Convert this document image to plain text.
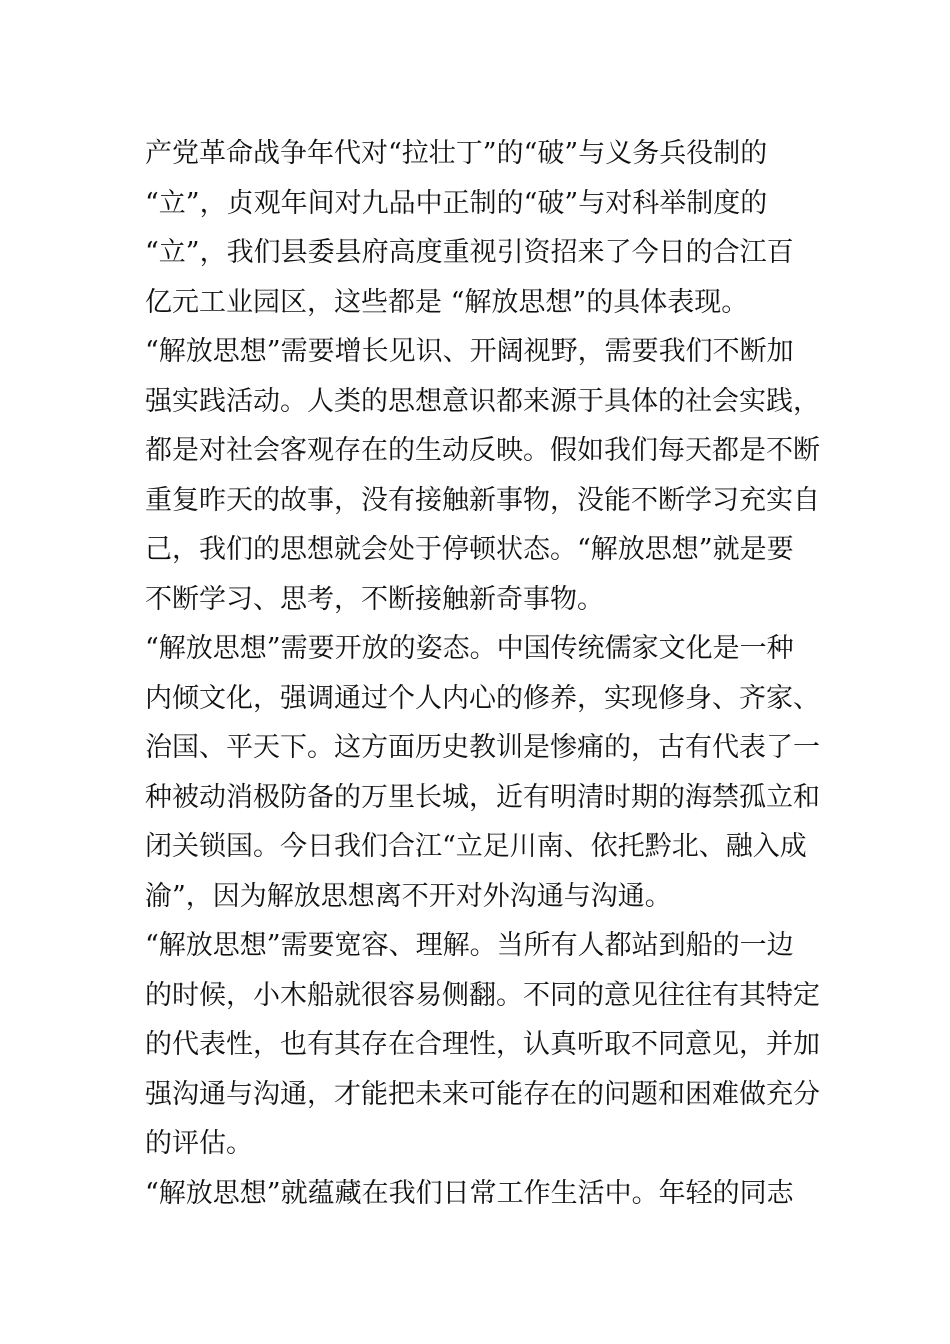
产党革命战争年代对“拉壮丁”的“破”与义务兵役制的
“立”，贞观年间对九品中正制的“破”与对科举制度的
“立”，我们县委县府高度重视引资招来了今日的合江百
亿元工业园区，这些都是 “解放思想”的具体表现。
“解放思想”需要增长见识、开阔视野，需要我们不断加
强实践活动。人类的思想意识都来源于具体的社会实践，
都是对社会客观存在的生动反映。假如我们每天都是不断
重复昨天的故事，没有接触新事物，没能不断学习充实自
己，我们的思想就会处于停顿状态。“解放思想”就是要
不断学习、思考，不断接触新奇事物。
“解放思想”需要开放的姿态。中国传统儒家文化是一种
内倾文化，强调通过个人内心的修养，实现修身、齐家、
治国、平天下。这方面历史教训是惨痛的，古有代表了一
种被动消极防备的万里长城，近有明清时期的海禁孤立和
闭关锁国。今日我们合江“立足川南、依托黔北、融入成
渝”，因为解放思想离不开对外沟通与沟通。
“解放思想”需要宽容、理解。当所有人都站到船的一边
的时候，小木船就很容易侧翻。不同的意见往往有其特定
的代表性，也有其存在合理性，认真听取不同意见，并加
强沟通与沟通，才能把未来可能存在的问题和困难做充分
的评估。
“解放思想”就蕴藏在我们日常工作生活中。年轻的同志
